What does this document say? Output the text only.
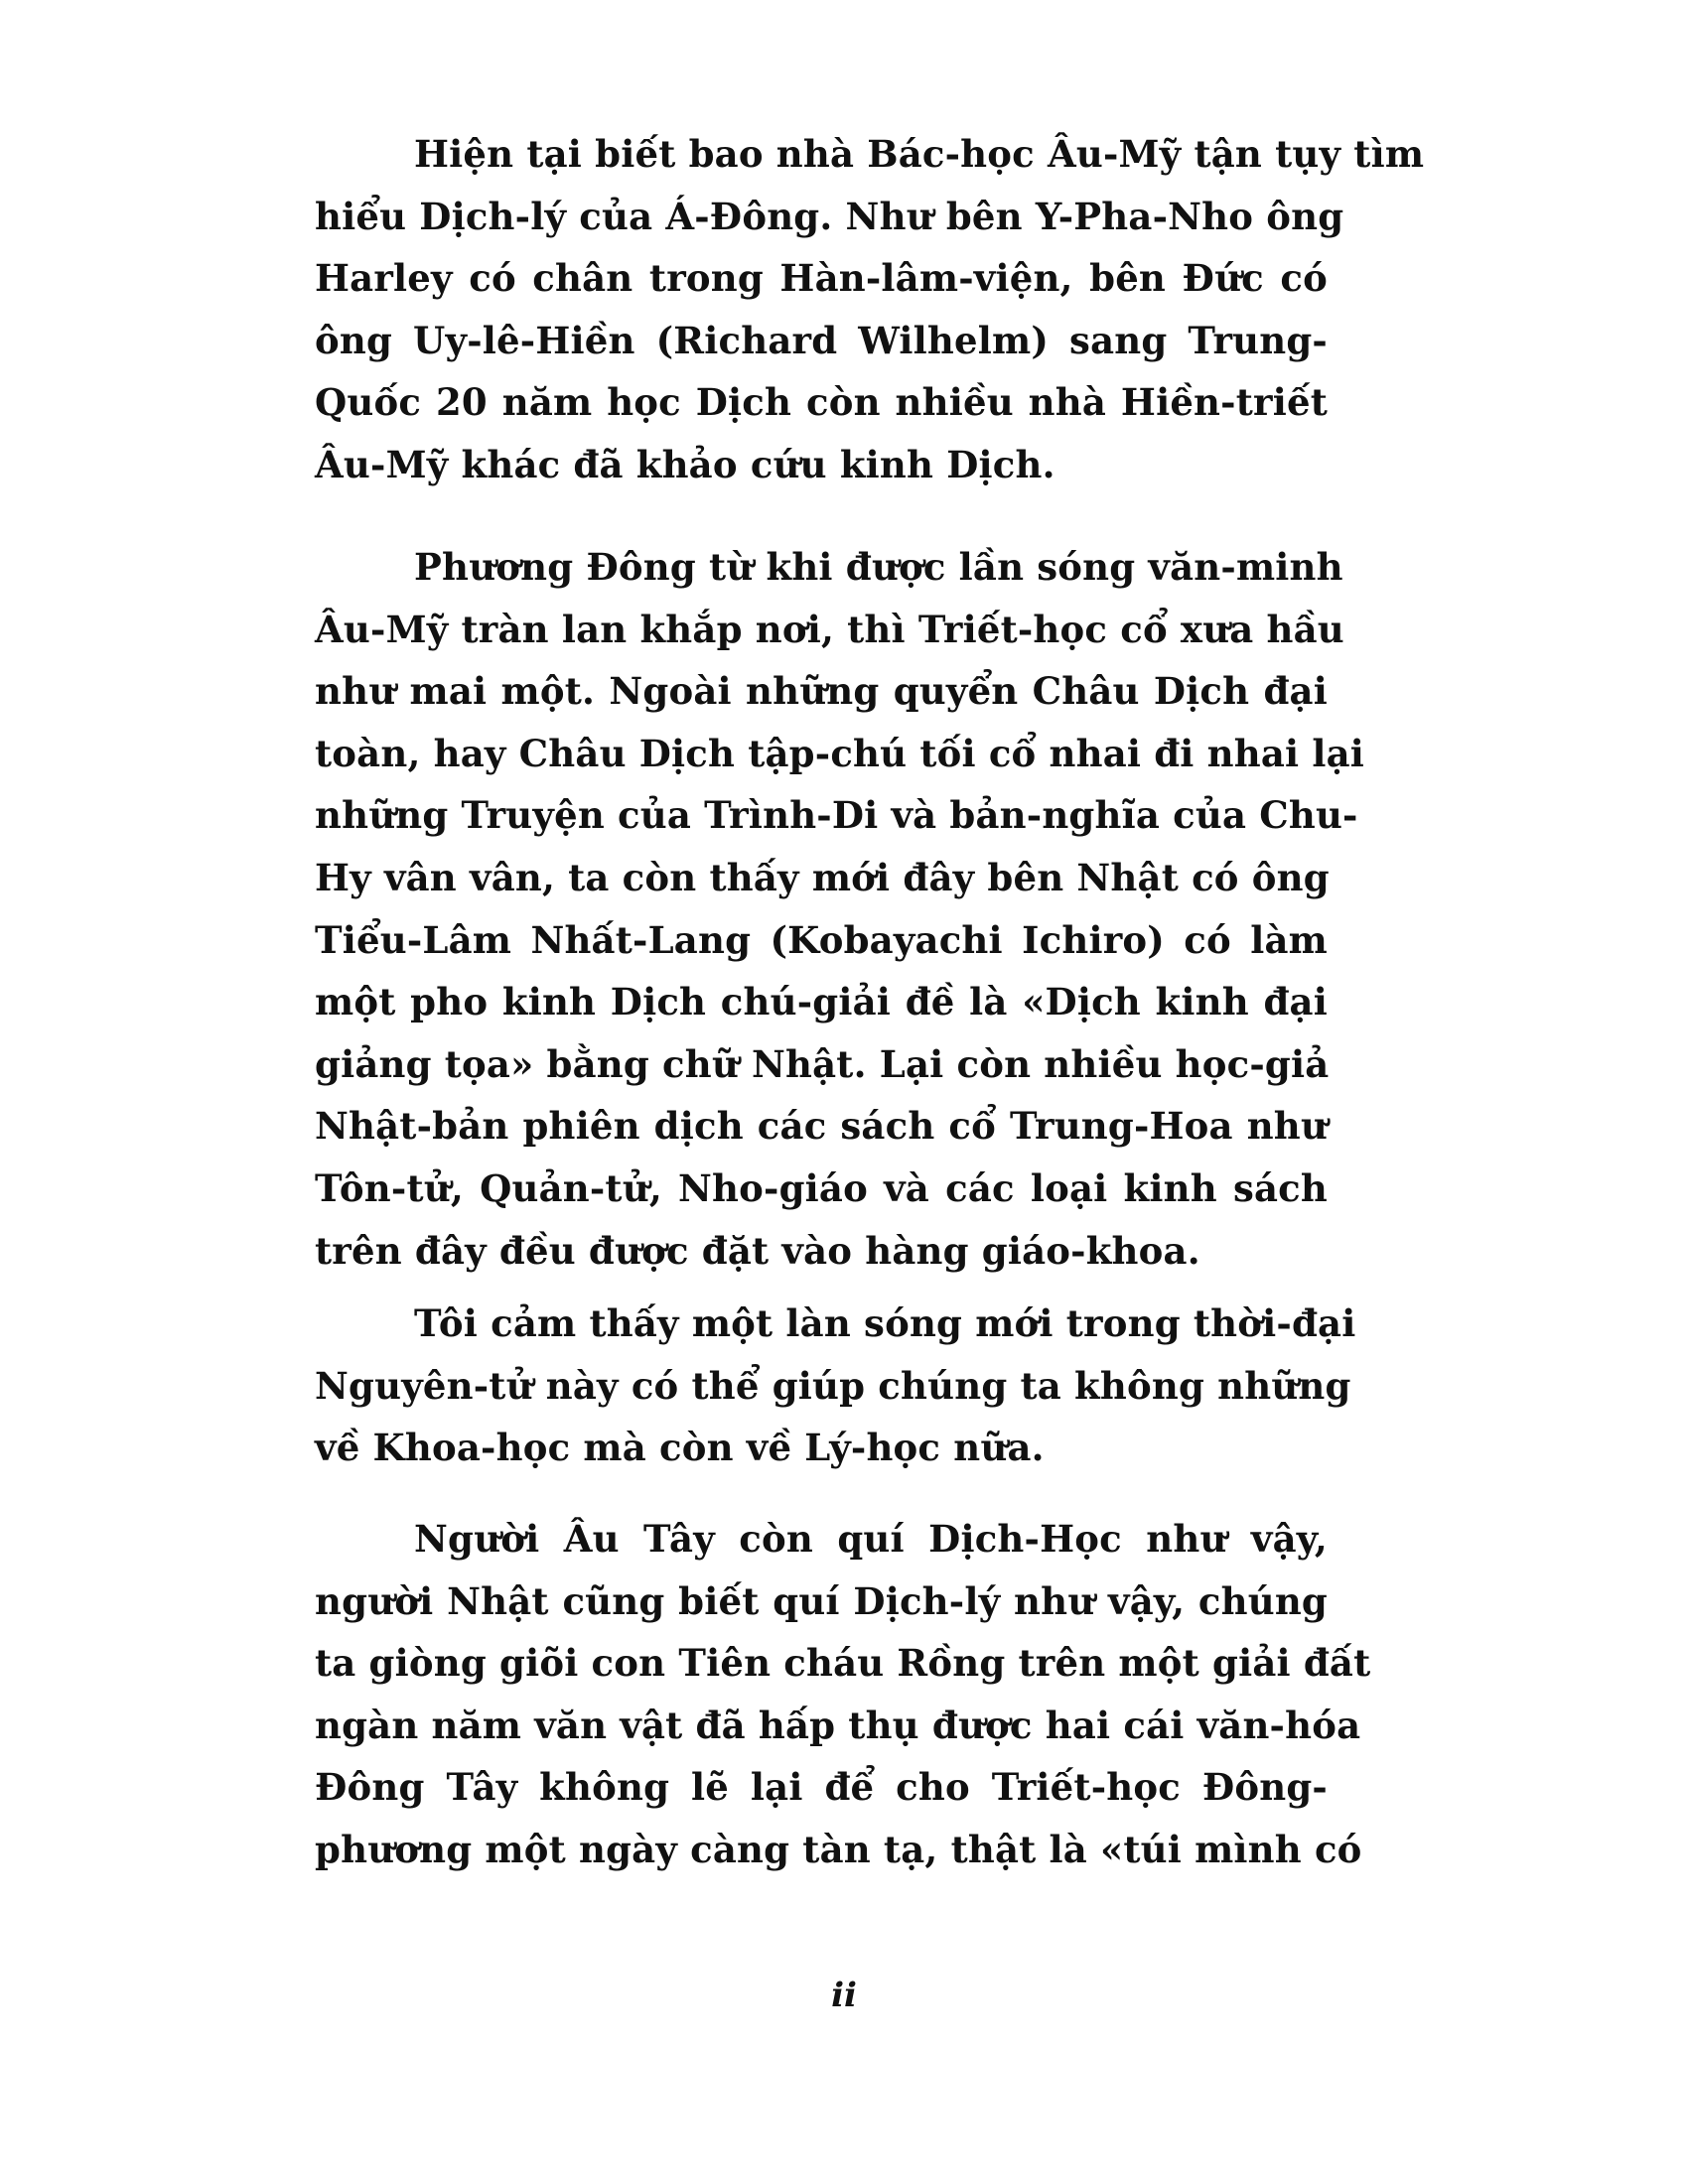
Hiện tại biết bao nhà Bác-học Âu-Mỹ tận tụy tìm
hiểu Dịch-lý của Á-Đông. Như bên Y-Pha-Nho ông
Harley có chân trong Hàn-lâm-viện, bên Đức có
ông Uy-lê-Hiền (Richard Wilhelm) sang Trung-
Quốc 20 năm học Dịch còn nhiều nhà Hiền-triết
Âu-Mỹ khác đã khảo cứu kinh Dịch.
Phương Đông từ khi được lần sóng văn-minh
Âu-Mỹ tràn lan khắp nơi, thì Triết-học cổ xưa hầu
như mai một. Ngoài những quyển Châu Dịch đại
toàn, hay Châu Dịch tập-chú tối cổ nhai đi nhai lại
những Truyện của Trình-Di và bản-nghĩa của Chu-
Hy vân vân, ta còn thấy mới đây bên Nhật có ông
Tiểu-Lâm Nhất-Lang (Kobayachi Ichiro) có làm
một pho kinh Dịch chú-giải đề là «Dịch kinh đại
giảng tọa» bằng chữ Nhật. Lại còn nhiều học-giả
Nhật-bản phiên dịch các sách cổ Trung-Hoa như
Tôn-tử, Quản-tử, Nho-giáo và các loại kinh sách
trên đây đều được đặt vào hàng giáo-khoa.
Tôi cảm thấy một làn sóng mới trong thời-đại
Nguyên-tử này có thể giúp chúng ta không những
về Khoa-học mà còn về Lý-học nữa.
Người Âu Tây còn quí Dịch-Học như vậy,
người Nhật cũng biết quí Dịch-lý như vậy, chúng
ta giòng giõi con Tiên cháu Rồng trên một giải đất
ngàn năm văn vật đã hấp thụ được hai cái văn-hóa
Đông Tây không lẽ lại để cho Triết-học Đông-
phương một ngày càng tàn tạ, thật là «túi mình có
ii
